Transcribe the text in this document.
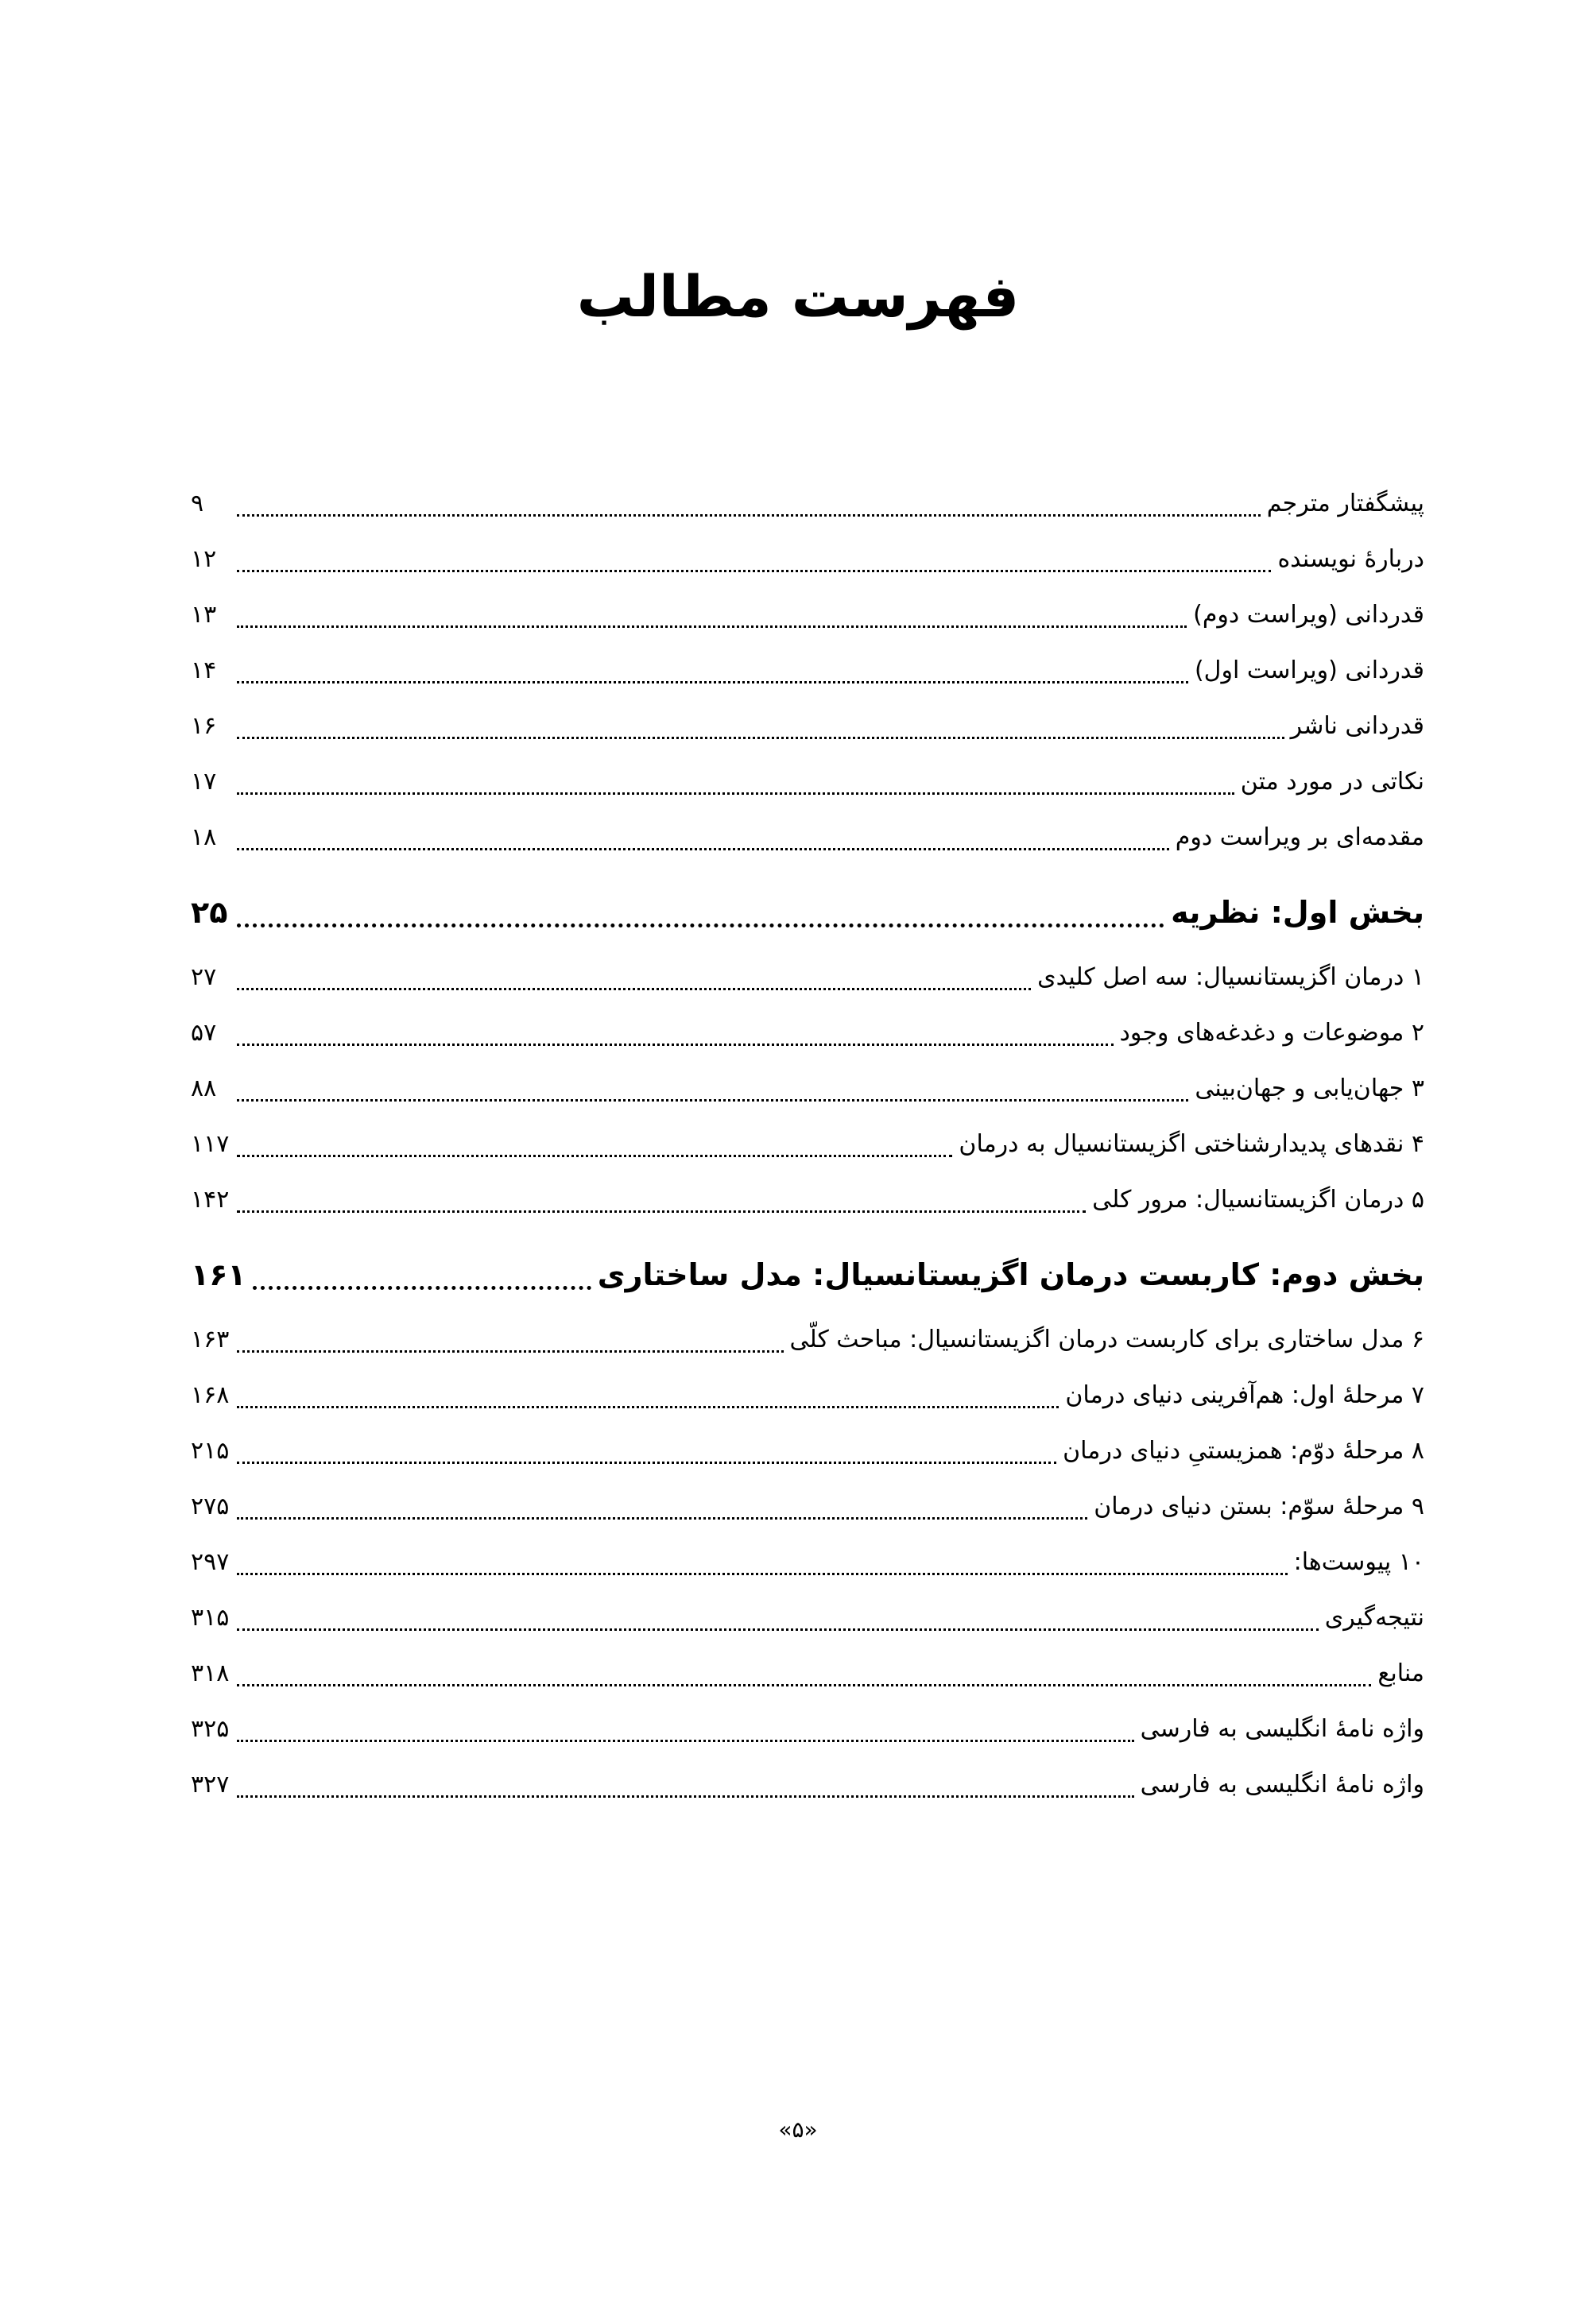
فهرست مطالب
پیشگفتار مترجم
۹
دربارۀ نویسنده
۱۲
قدردانی (ویراست دوم)
۱۳
قدردانی (ویراست اول)
۱۴
قدردانی ناشر
۱۶
نکاتی در مورد متن
۱۷
مقدمه‌ای بر ویراست دوم
۱۸
بخش اول: نظریه
۲۵
۱ درمان اگزیستانسیال: سه اصل کلیدی
۲۷
۲ موضوعات و دغدغه‌های وجود
۵۷
۳ جهان‌یابی و جهان‌بینی
۸۸
۴ نقدهای پدیدارشناختی اگزیستانسیال به درمان
۱۱۷
۵ درمان اگزیستانسیال: مرور کلی
۱۴۲
بخش دوم: کاربست درمان اگزیستانسیال: مدل ساختاری
۱۶۱
۶ مدل ساختاری برای کاربست درمان اگزیستانسیال: مباحث کلّی
۱۶۳
۷ مرحلۀ اول: هم‌آفرینی دنیای درمان
۱۶۸
۸ مرحلۀ دوّم: همزیستیِ دنیای درمان
۲۱۵
۹ مرحلۀ سوّم: بستن دنیای درمان
۲۷۵
۱۰ پیوست‌ها:
۲۹۷
نتیجه‌گیری
۳۱۵
منابع
۳۱۸
واژه نامۀ انگلیسی به فارسی
۳۲۵
واژه نامۀ انگلیسی به فارسی
۳۲۷
«۵»
